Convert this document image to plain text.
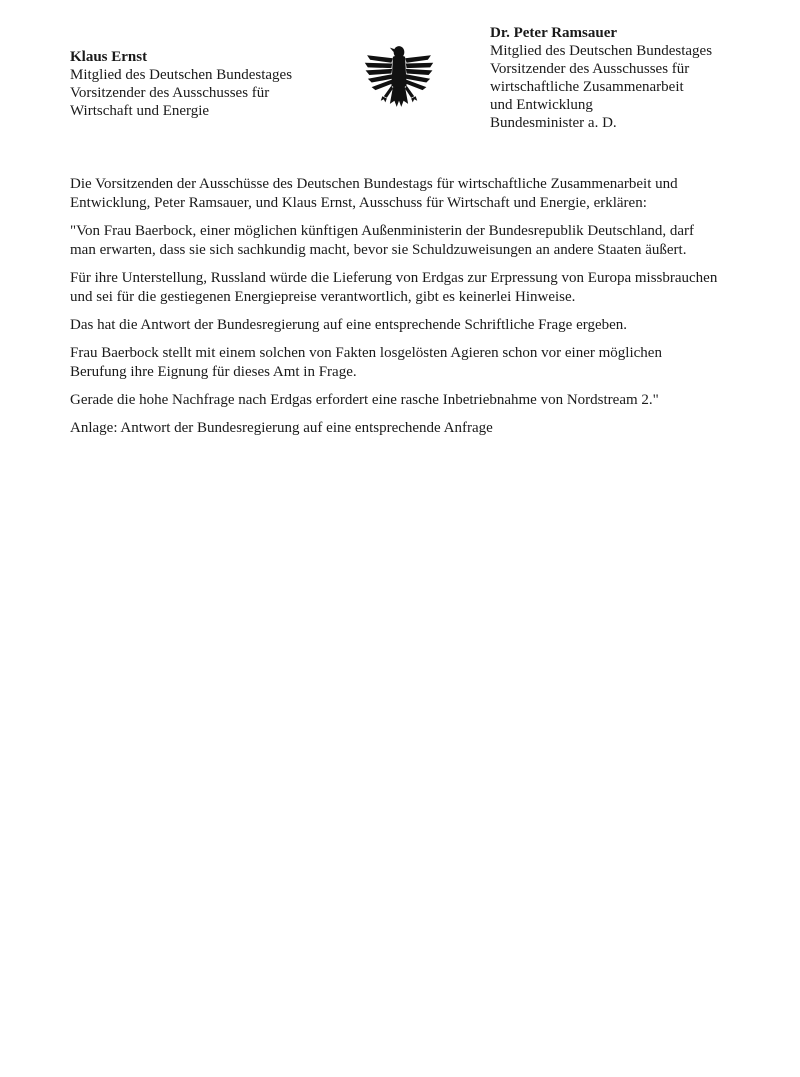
Klaus Ernst
Mitglied des Deutschen Bundestages
Vorsitzender des Ausschusses für
Wirtschaft und Energie
Dr. Peter Ramsauer
Mitglied des Deutschen Bundestages
Vorsitzender des Ausschusses für
wirtschaftliche Zusammenarbeit
und Entwicklung
Bundesminister a. D.

Die Vorsitzenden der Ausschüsse des Deutschen Bundestags für wirtschaftliche Zusammenarbeit und Entwicklung, Peter Ramsauer, und Klaus Ernst, Ausschuss für Wirtschaft und Energie, erklären:

"Von Frau Baerbock, einer möglichen künftigen Außenministerin der Bundesrepublik Deutschland, darf man erwarten, dass sie sich sachkundig macht, bevor sie Schuldzuweisungen an andere Staaten äußert.

Für ihre Unterstellung, Russland würde die Lieferung von Erdgas zur Erpressung von Europa missbrauchen und sei für die gestiegenen Energiepreise verantwortlich, gibt es keinerlei Hinweise.

Das hat die Antwort der Bundesregierung auf eine entsprechende Schriftliche Frage ergeben.

Frau Baerbock stellt mit einem solchen von Fakten losgelösten Agieren schon vor einer möglichen Berufung ihre Eignung für dieses Amt in Frage.

Gerade die hohe Nachfrage nach Erdgas erfordert eine rasche Inbetriebnahme von Nordstream 2."

Anlage: Antwort der Bundesregierung auf eine entsprechende Anfrage
